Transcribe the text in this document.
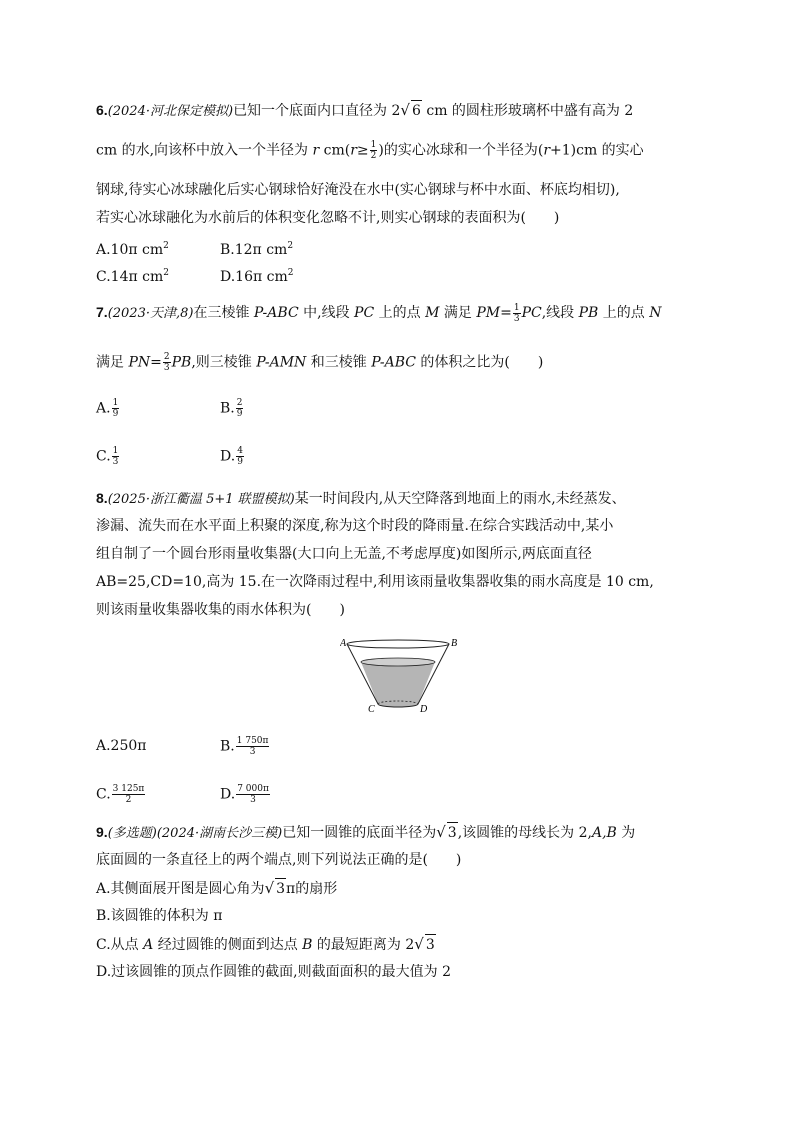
6.(2024·河北保定模拟)已知一个底面内口直径为 2√ 6 cm 的圆柱形玻璃杯中盛有高为 2
cm 的水,向该杯中放入一个半径为 r $cm(r\ge \frac{1}{2}$ )的实心冰球和一个半径为(r+1)cm 的实心
钢球,待实心冰球融化后实心钢球恰好淹没在水中(实心钢球与杯中水面、杯底均相切),
若实心冰球融化为水前后的体积变化忽略不计,则实心钢球的表面积为(　　)
A.10π $cm^2$	B.12π $cm^2$
C.14π $cm^2$	D.16π $cm^2$
7.(2023·天津,8)在三棱锥 P-ABC 中,线段 PC 上的点 M 满足 $PM= \frac{1}{3}$ PC,线段 PB 上的点 N
满足 $PN= \frac{2}{3}$ PB,则三棱锥 P-AMN 和三棱锥 P-ABC 的体积之比为(　　)
A. $\frac{1}{9}$	B. $\frac{2}{9}$
C. $\frac{1}{3}$	D. $\frac{4}{9}$
8.(2025·浙江衢温 5+1 联盟模拟)某一时间段内,从天空降落到地面上的雨水,未经蒸发、
渗漏、流失而在水平面上积聚的深度,称为这个时段的降雨量.在综合实践活动中,某小
组自制了一个圆台形雨量收集器(大口向上无盖,不考虑厚度)如图所示,两底面直径
AB=25,CD=10,高为 15.在一次降雨过程中,利用该雨量收集器收集的雨水高度是 10 cm,
则该雨量收集器收集的雨水体积为(　　)
A.250π	B. $\frac{1 750\pi}{3}$
C. $\frac{3 125\pi}{2}$	D. $\frac{7 000\pi}{3}$
9.(多选题)(2024·湖南长沙三模)已知一圆锥的底面半径为√ 3,该圆锥的母线长为 2,A,B 为
底面圆的一条直径上的两个端点,则下列说法正确的是(　　)
A.其侧面展开图是圆心角为√ 3π的扇形
B.该圆锥的体积为 π
C.从点 A 经过圆锥的侧面到达点 B 的最短距离为 2√ 3
D.过该圆锥的顶点作圆锥的截面,则截面面积的最大值为 2
A	B
C	D
